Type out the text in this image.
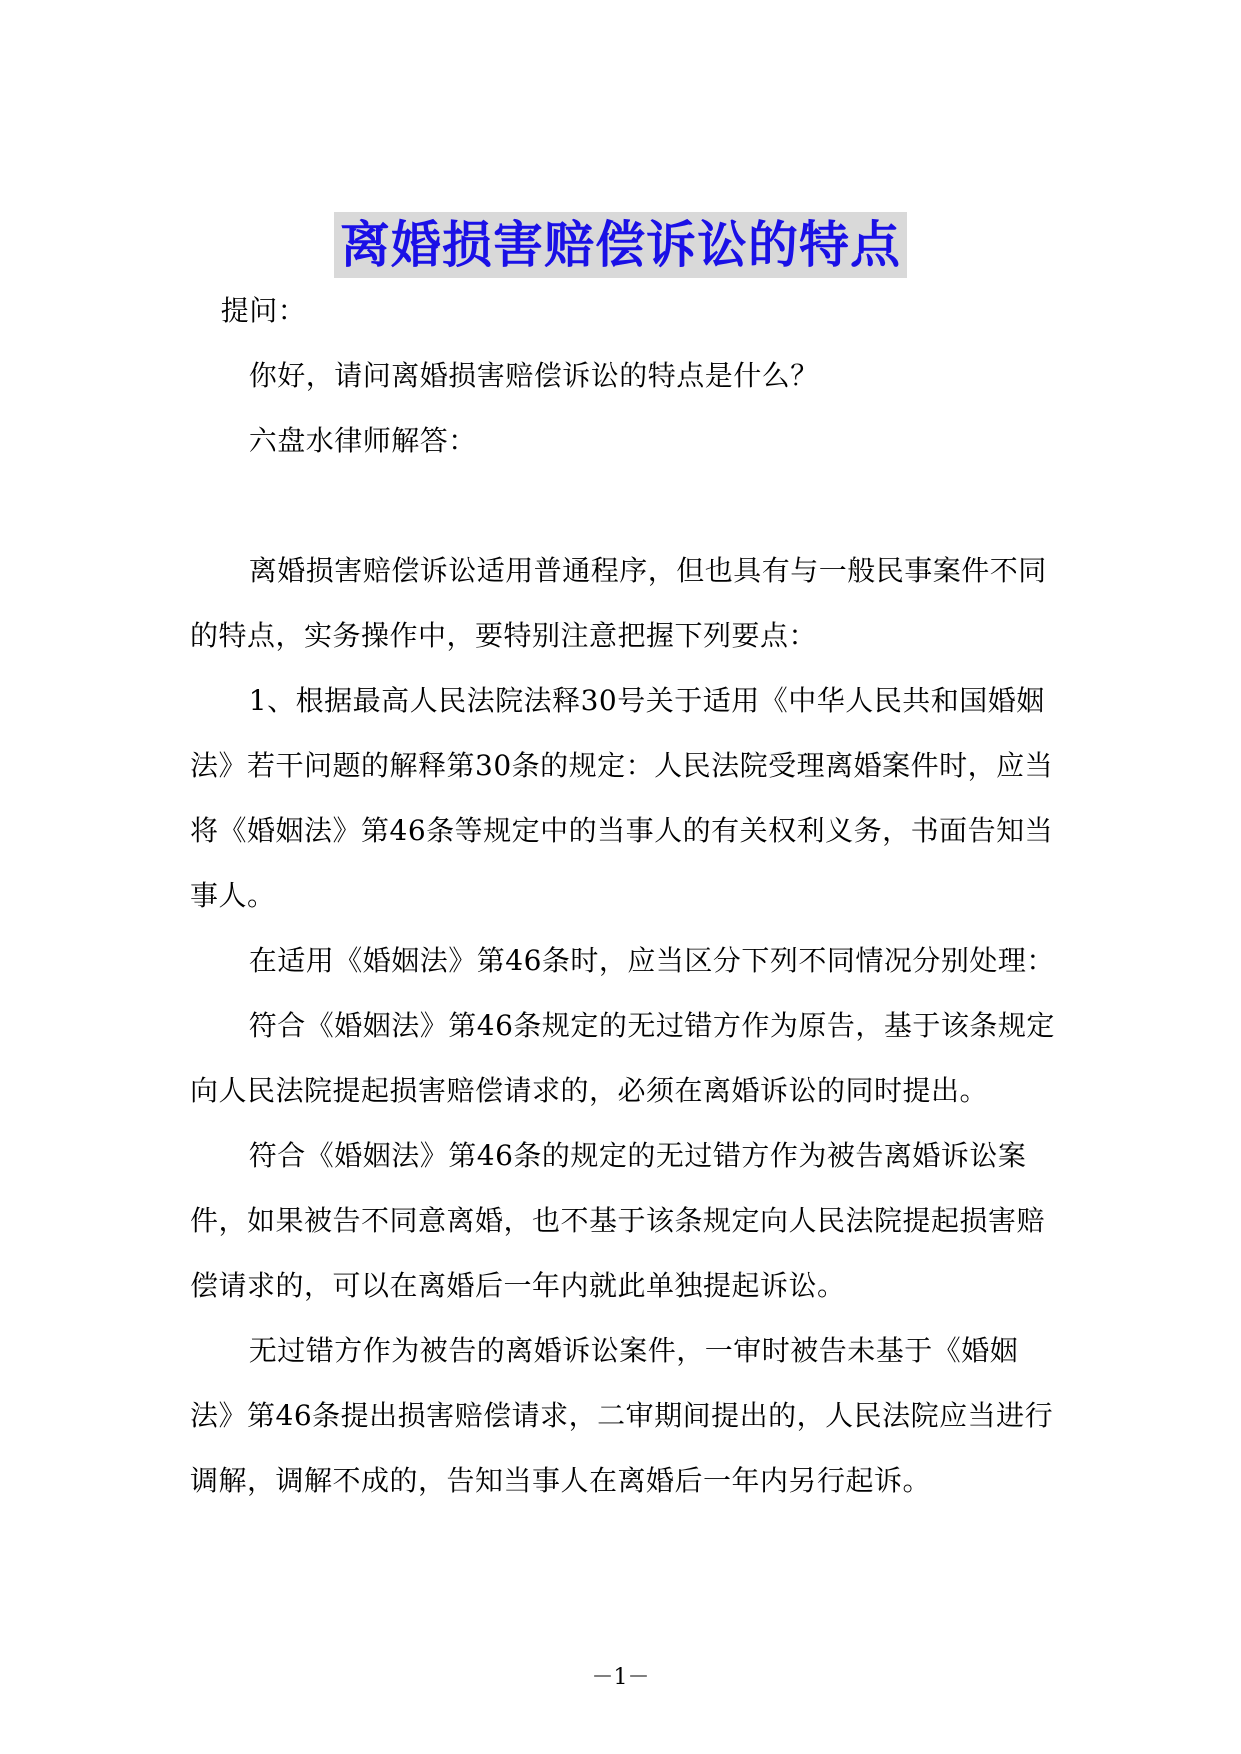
离婚损害赔偿诉讼的特点

提问：

你好，请问离婚损害赔偿诉讼的特点是什么？

六盘水律师解答：

离婚损害赔偿诉讼适用普通程序，但也具有与一般民事案件不同的特点，实务操作中，要特别注意把握下列要点：

1、根据最高人民法院法释30号关于适用《中华人民共和国婚姻法》若干问题的解释第30条的规定：人民法院受理离婚案件时，应当将《婚姻法》第46条等规定中的当事人的有关权利义务，书面告知当事人。

在适用《婚姻法》第46条时，应当区分下列不同情况分别处理：

符合《婚姻法》第46条规定的无过错方作为原告，基于该条规定向人民法院提起损害赔偿请求的，必须在离婚诉讼的同时提出。

符合《婚姻法》第46条的规定的无过错方作为被告离婚诉讼案件，如果被告不同意离婚，也不基于该条规定向人民法院提起损害赔偿请求的，可以在离婚后一年内就此单独提起诉讼。

无过错方作为被告的离婚诉讼案件，一审时被告未基于《婚姻法》第46条提出损害赔偿请求，二审期间提出的，人民法院应当进行调解，调解不成的，告知当事人在离婚后一年内另行起诉。

－1－
